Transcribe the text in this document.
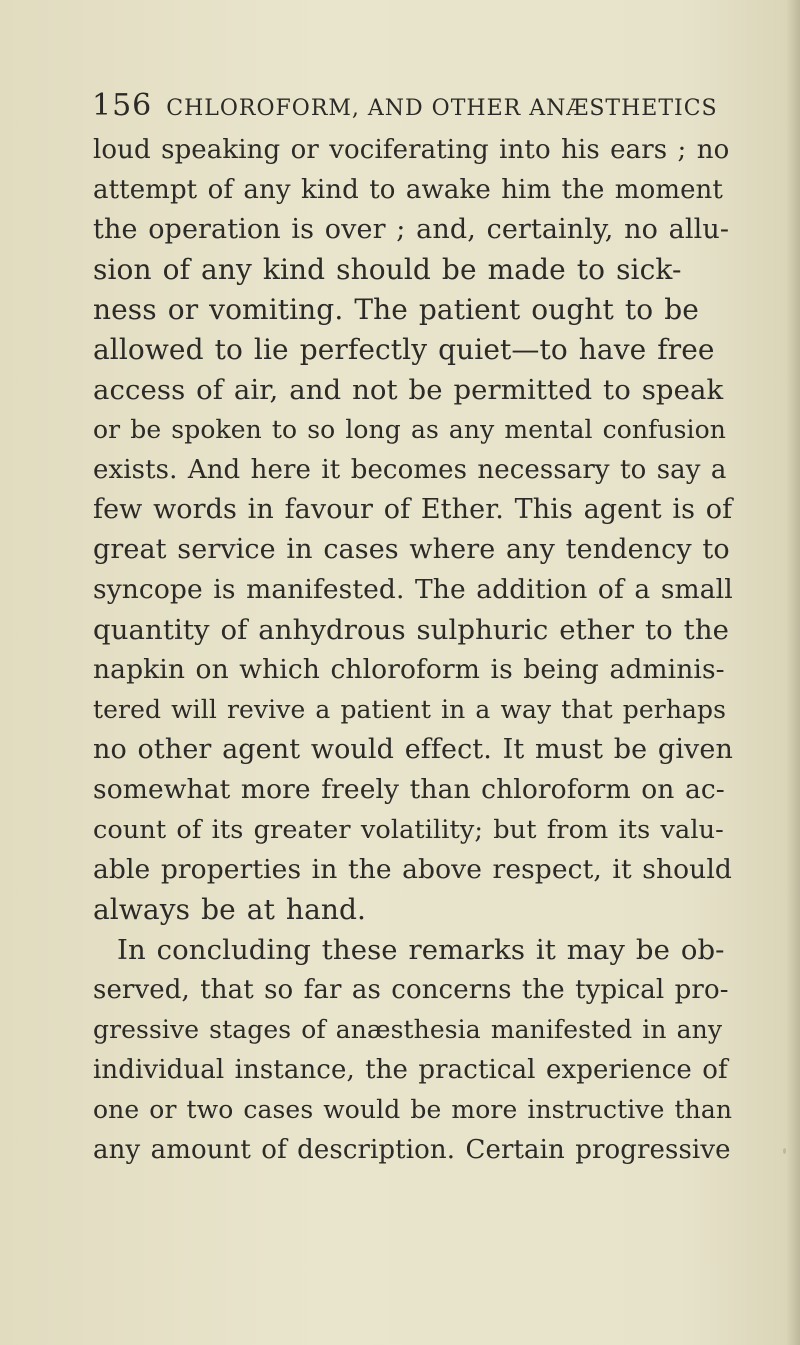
156 CHLOROFORM, AND OTHER ANÆSTHETICS
loud speaking or vociferating into his ears ; no
attempt of any kind to awake him the moment
the operation is over ; and, certainly, no allu-
sion of any kind should be made to sick-
ness or vomiting. The patient ought to be
allowed to lie perfectly quiet—to have free
access of air, and not be permitted to speak
or be spoken to so long as any mental confusion
exists. And here it becomes necessary to say a
few words in favour of Ether. This agent is of
great service in cases where any tendency to
syncope is manifested. The addition of a small
quantity of anhydrous sulphuric ether to the
napkin on which chloroform is being adminis-
tered will revive a patient in a way that perhaps
no other agent would effect. It must be given
somewhat more freely than chloroform on ac-
count of its greater volatility; but from its valu-
able properties in the above respect, it should
always be at hand.
In concluding these remarks it may be ob-
served, that so far as concerns the typical pro-
gressive stages of anæsthesia manifested in any
individual instance, the practical experience of
one or two cases would be more instructive than
any amount of description. Certain progressive
